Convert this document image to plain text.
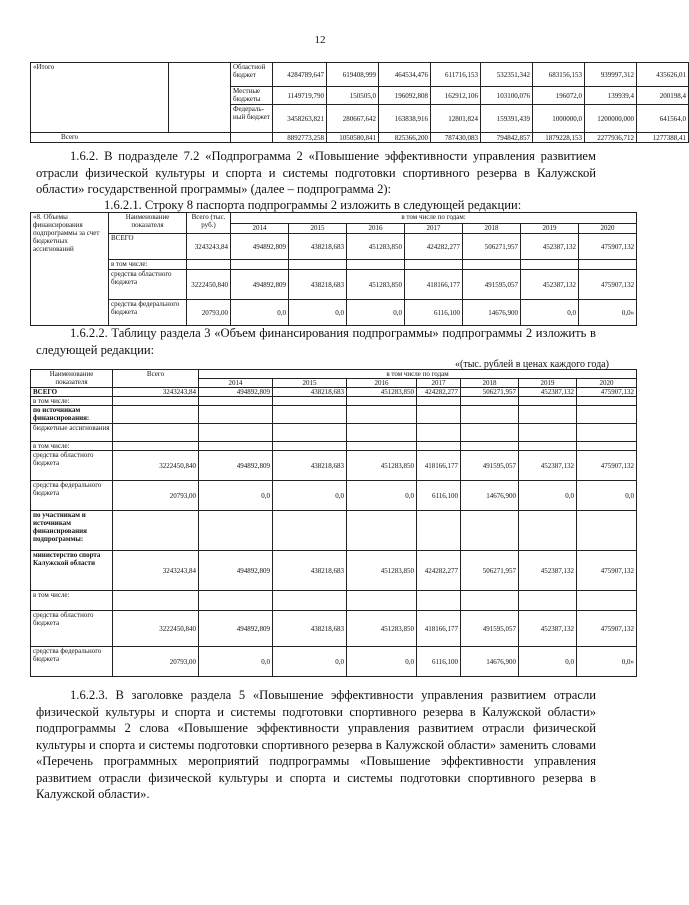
12
«Итого		Областной бюджет	4284789,647	619408,999	464534,476	611716,153	532351,342	683156,153	939997,312	435626,01
		Местные бюджеты	1149719,790	150505,0	196092,808	162912,106	103100,076	196072,0	139939,4	200198,4
		Федераль-ный бюджет	3458263,821	280667,642	163838,916	12801,824	159391,439	1000000,0	1200000,000	641564,0
Всего			8892773,258	1050580,841	825366,200	787430,083	794842,857	1879228,153	2277936,712	1277388,41

1.6.2. В подразделе 7.2 «Подпрограмма 2 «Повышение эффективности управления развитием отрасли физической культуры и спорта и системы подготовки спортивного резерва в Калужской области» государственной программы» (далее – подпрограмма 2):

1.6.2.1. Строку 8 паспорта подпрограммы 2 изложить в следующей редакции:

«8. Объемы финансирования подпрограммы за счет бюджетных ассигнований	Наименование показателя	Всего (тыс. руб.)	в том числе по годам:						
			2014	2015	2016	2017	2018	2019	2020
	ВСЕГО	3243243,84	494892,809	438218,683	451283,850	424282,277	506271,957	452387,132	475907,132
	в том числе:								
	средства областного бюджета	3222450,840	494892,809	438218,683	451283,850	418166,177	491595,057	452387,132	475907,132
	средства федерального бюджета	20793,00	0,0	0,0	0,0	6116,100	14676,900	0,0	0,0»

1.6.2.2. Таблицу раздела 3 «Объем финансирования подпрограммы» подпрограммы 2 изложить в следующей редакции:

«(тыс. рублей в ценах каждого года)
Наименование показателя	Всего	в том числе по годам						
		2014	2015	2016	2017	2018	2019	2020
ВСЕГО	3243243,84	494892,809	438218,683	451283,850	424282,277	506271,957	452387,132	475907,132
в том числе:								
по источникам финансирования:								
бюджетные ассигнования								
в том числе:								
средства областного бюджета	3222450,840	494892,809	438218,683	451283,850	418166,177	491595,057	452387,132	475907,132
средства федерального бюджета	20793,00	0,0	0,0	0,0	6116,100	14676,900	0,0	0,0
по участникам и источникам финансирования подпрограммы:								
министерство спорта Калужской области	3243243,84	494892,809	438218,683	451283,850	424282,277	506271,957	452387,132	475907,132
в том числе:								
средства областного бюджета	3222450,840	494892,809	438218,683	451283,850	418166,177	491595,057	452387,132	475907,132
средства федерального бюджета	20793,00	0,0	0,0	0,0	6116,100	14676,900	0,0	0,0»

1.6.2.3. В заголовке раздела 5 «Повышение эффективности управления развитием отрасли физической культуры и спорта и системы подготовки спортивного резерва в Калужской области» подпрограммы 2 слова «Повышение эффективности управления развитием отрасли физической культуры и спорта и системы подготовки спортивного резерва в Калужской области» заменить словами «Перечень программных мероприятий подпрограммы «Повышение эффективности управления развитием отрасли физической культуры и спорта и системы подготовки спортивного резерва в Калужской области».
